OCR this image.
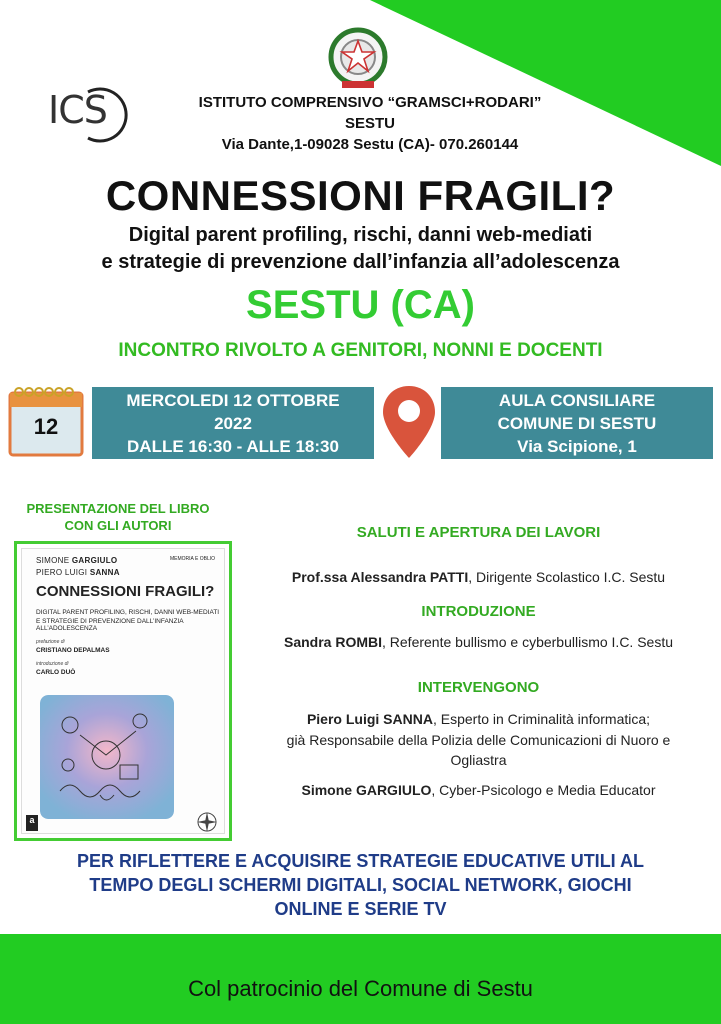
ICS	ISTITUTO COMPRENSIVO “GRAMSCI+RODARI”
SESTU
Via Dante,1-09028 Sestu (CA)- 070.260144
CONNESSIONI FRAGILI?
Digital parent profiling, rischi, danni web-mediati
e strategie di prevenzione dall’infanzia all’adolescenza
SESTU (CA)
INCONTRO RIVOLTO A GENITORI, NONNI E DOCENTI
12
MERCOLEDI 12 OTTOBRE
2022
DALLE 16:30 - ALLE 18:30
AULA CONSILIARE
COMUNE DI SESTU
Via Scipione, 1
PRESENTAZIONE DEL LIBRO
CON GLI AUTORI
SIMONE GARGIULO
PIERO LUIGI SANNA
MEMORIA E OBLIO
CONNESSIONI FRAGILI?
DIGITAL PARENT PROFILING, RISCHI, DANNI WEB-MEDIATI
E STRATEGIE DI PREVENZIONE DALL’INFANZIA ALL’ADOLESCENZA
prefazione di
CRISTIANO DEPALMAS
introduzione di
CARLO DUÒ
a
SALUTI E APERTURA DEI LAVORI
Prof.ssa Alessandra PATTI, Dirigente Scolastico I.C. Sestu
INTRODUZIONE
Sandra ROMBI, Referente bullismo e cyberbullismo I.C. Sestu
INTERVENGONO
Piero Luigi SANNA, Esperto in Criminalità informatica;
già Responsabile della Polizia delle Comunicazioni di Nuoro e
Ogliastra
Simone GARGIULO, Cyber-Psicologo e Media Educator
PER RIFLETTERE E ACQUISIRE STRATEGIE EDUCATIVE UTILI AL
TEMPO DEGLI SCHERMI DIGITALI, SOCIAL NETWORK, GIOCHI
ONLINE E SERIE TV
Col patrocinio del Comune di Sestu
